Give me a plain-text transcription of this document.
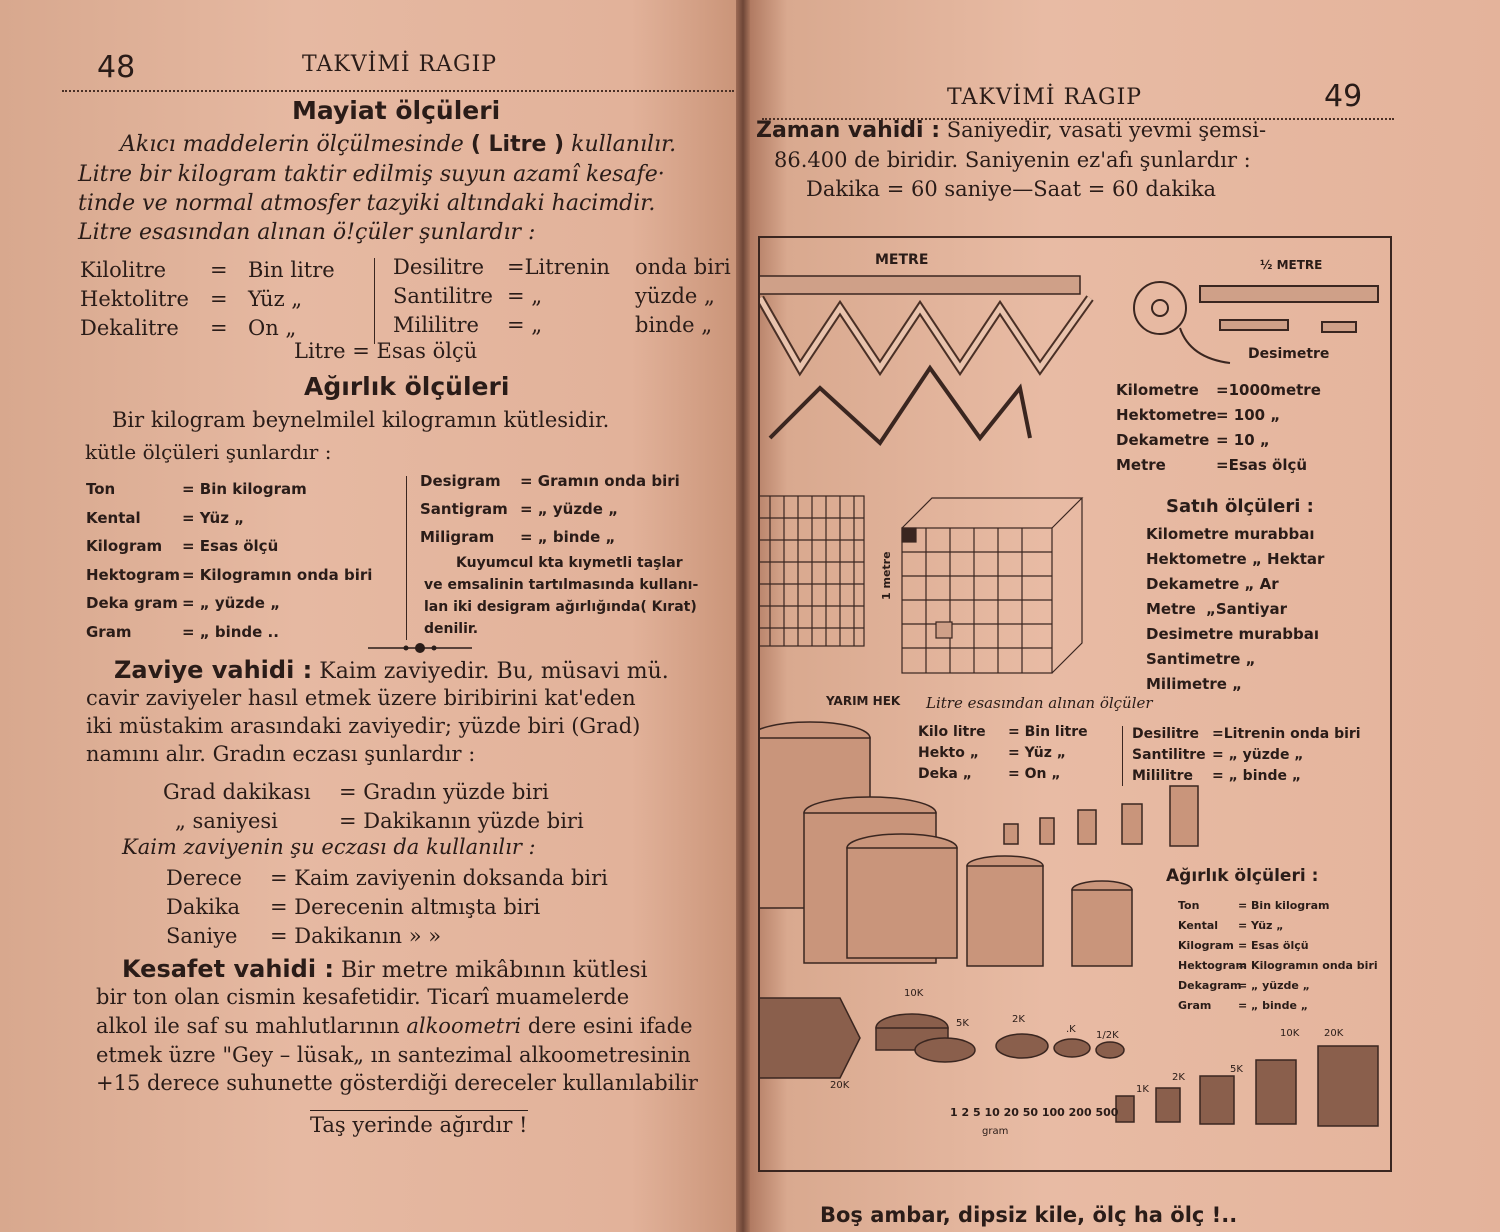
48	TAKVİMİ RAGIP
Mayiat ölçüleri
Akıcı maddelerin ölçülmesinde ( Litre ) kullanılır.
Litre bir kilogram taktir edilmiş suyun azamî kesafe·
tinde ve normal atmosfer tazyiki altındaki hacimdir.
Litre esasından alınan ö!çüler şunlardır :
Kilolitre = Bin litre
Hektolitre = Yüz „
Dekalitre = On „
Desilitre =Litrenin onda biri
Santilitre = „	yüzde „
Mililitre = „	binde „
Litre = Esas ölçü
Ağırlık ölçüleri
Bir kilogram beynelmilel kilogramın kütlesidir.
kütle ölçüleri şunlardır :
Ton	= Bin kilogram
Kental	= Yüz „
Kilogram = Esas ölçü
Hektogram = Kilogramın onda biri
Deka gram = „ yüzde „
Gram	= „ binde ..
Desigram = Gramın onda biri
Santigram = „ yüzde „
Miligram = „ binde „
Kuyumcul kta kıymetli taşlar
ve emsalinin tartılmasında kullanı-
lan iki desigram ağırlığında( Kırat)
denilir.
Zaviye vahidi : Kaim zaviyedir. Bu, müsavi mü.
cavir zaviyeler hasıl etmek üzere biribirini kat'eden
iki müstakim arasındaki zaviyedir; yüzde biri (Grad)
namını alır. Gradın eczası şunlardır :
Grad dakikası = Gradın yüzde biri
„ saniyesi	= Dakikanın yüzde biri
Kaim zaviyenin şu eczası da kullanılır :
Derece = Kaim zaviyenin doksanda biri
Dakika = Derecenin altmışta biri
Saniye = Dakikanın » »
Kesafet vahidi : Bir metre mikâbının kütlesi
bir ton olan cismin kesafetidir. Ticarî muamelerde
alkol ile saf su mahlutlarının alkoometri dere esini ifade
etmek üzre "Gey – lüsak„ ın santezimal alkoometresinin
+15 derece suhunette gösterdiği dereceler kullanılabilir
Taş yerinde ağırdır !
TAKVİMİ RAGIP	49
Zaman vahidi : Saniyedir, vasati yevmi şemsi-
86.400 de biridir. Saniyenin ez'afı şunlardır :
Dakika = 60 saniye—Saat = 60 dakika
Boş ambar, dipsiz kile, ölç ha ölç !..
METRE	½ METRE
Desimetre
1 metre
Kilometre =1000metre
Hektometre= 100 „
Dekametre = 10 „
Metre	=Esas ölçü
Satıh ölçüleri :
Kilometre murabbaı
Hektometre „ Hektar
Dekametre „ Ar
Metre „Santiyar
Desimetre murabbaı
Santimetre „
Milimetre „
YARIM HEK Litre esasından alınan ölçüler
Kilo litre = Bin litre
Hekto „ = Yüz „
Deka „	= On „
Desilitre =Litrenin onda biri
Santilitre = „ yüzde „
Mililitre = „ binde „
Ağırlık ölçüleri :
Ton	= Bin kilogram
Kental = Yüz „
Kilogram = Esas ölçü
Hektogram= Kilogramın onda biri
Dekagram= „ yüzde „
Gram = „ binde „
10K
5K	2K
.K
1/2K	10K 20K
5K
2K
1K
20K
1 2 5 10 20 50 100 200 500
gram
